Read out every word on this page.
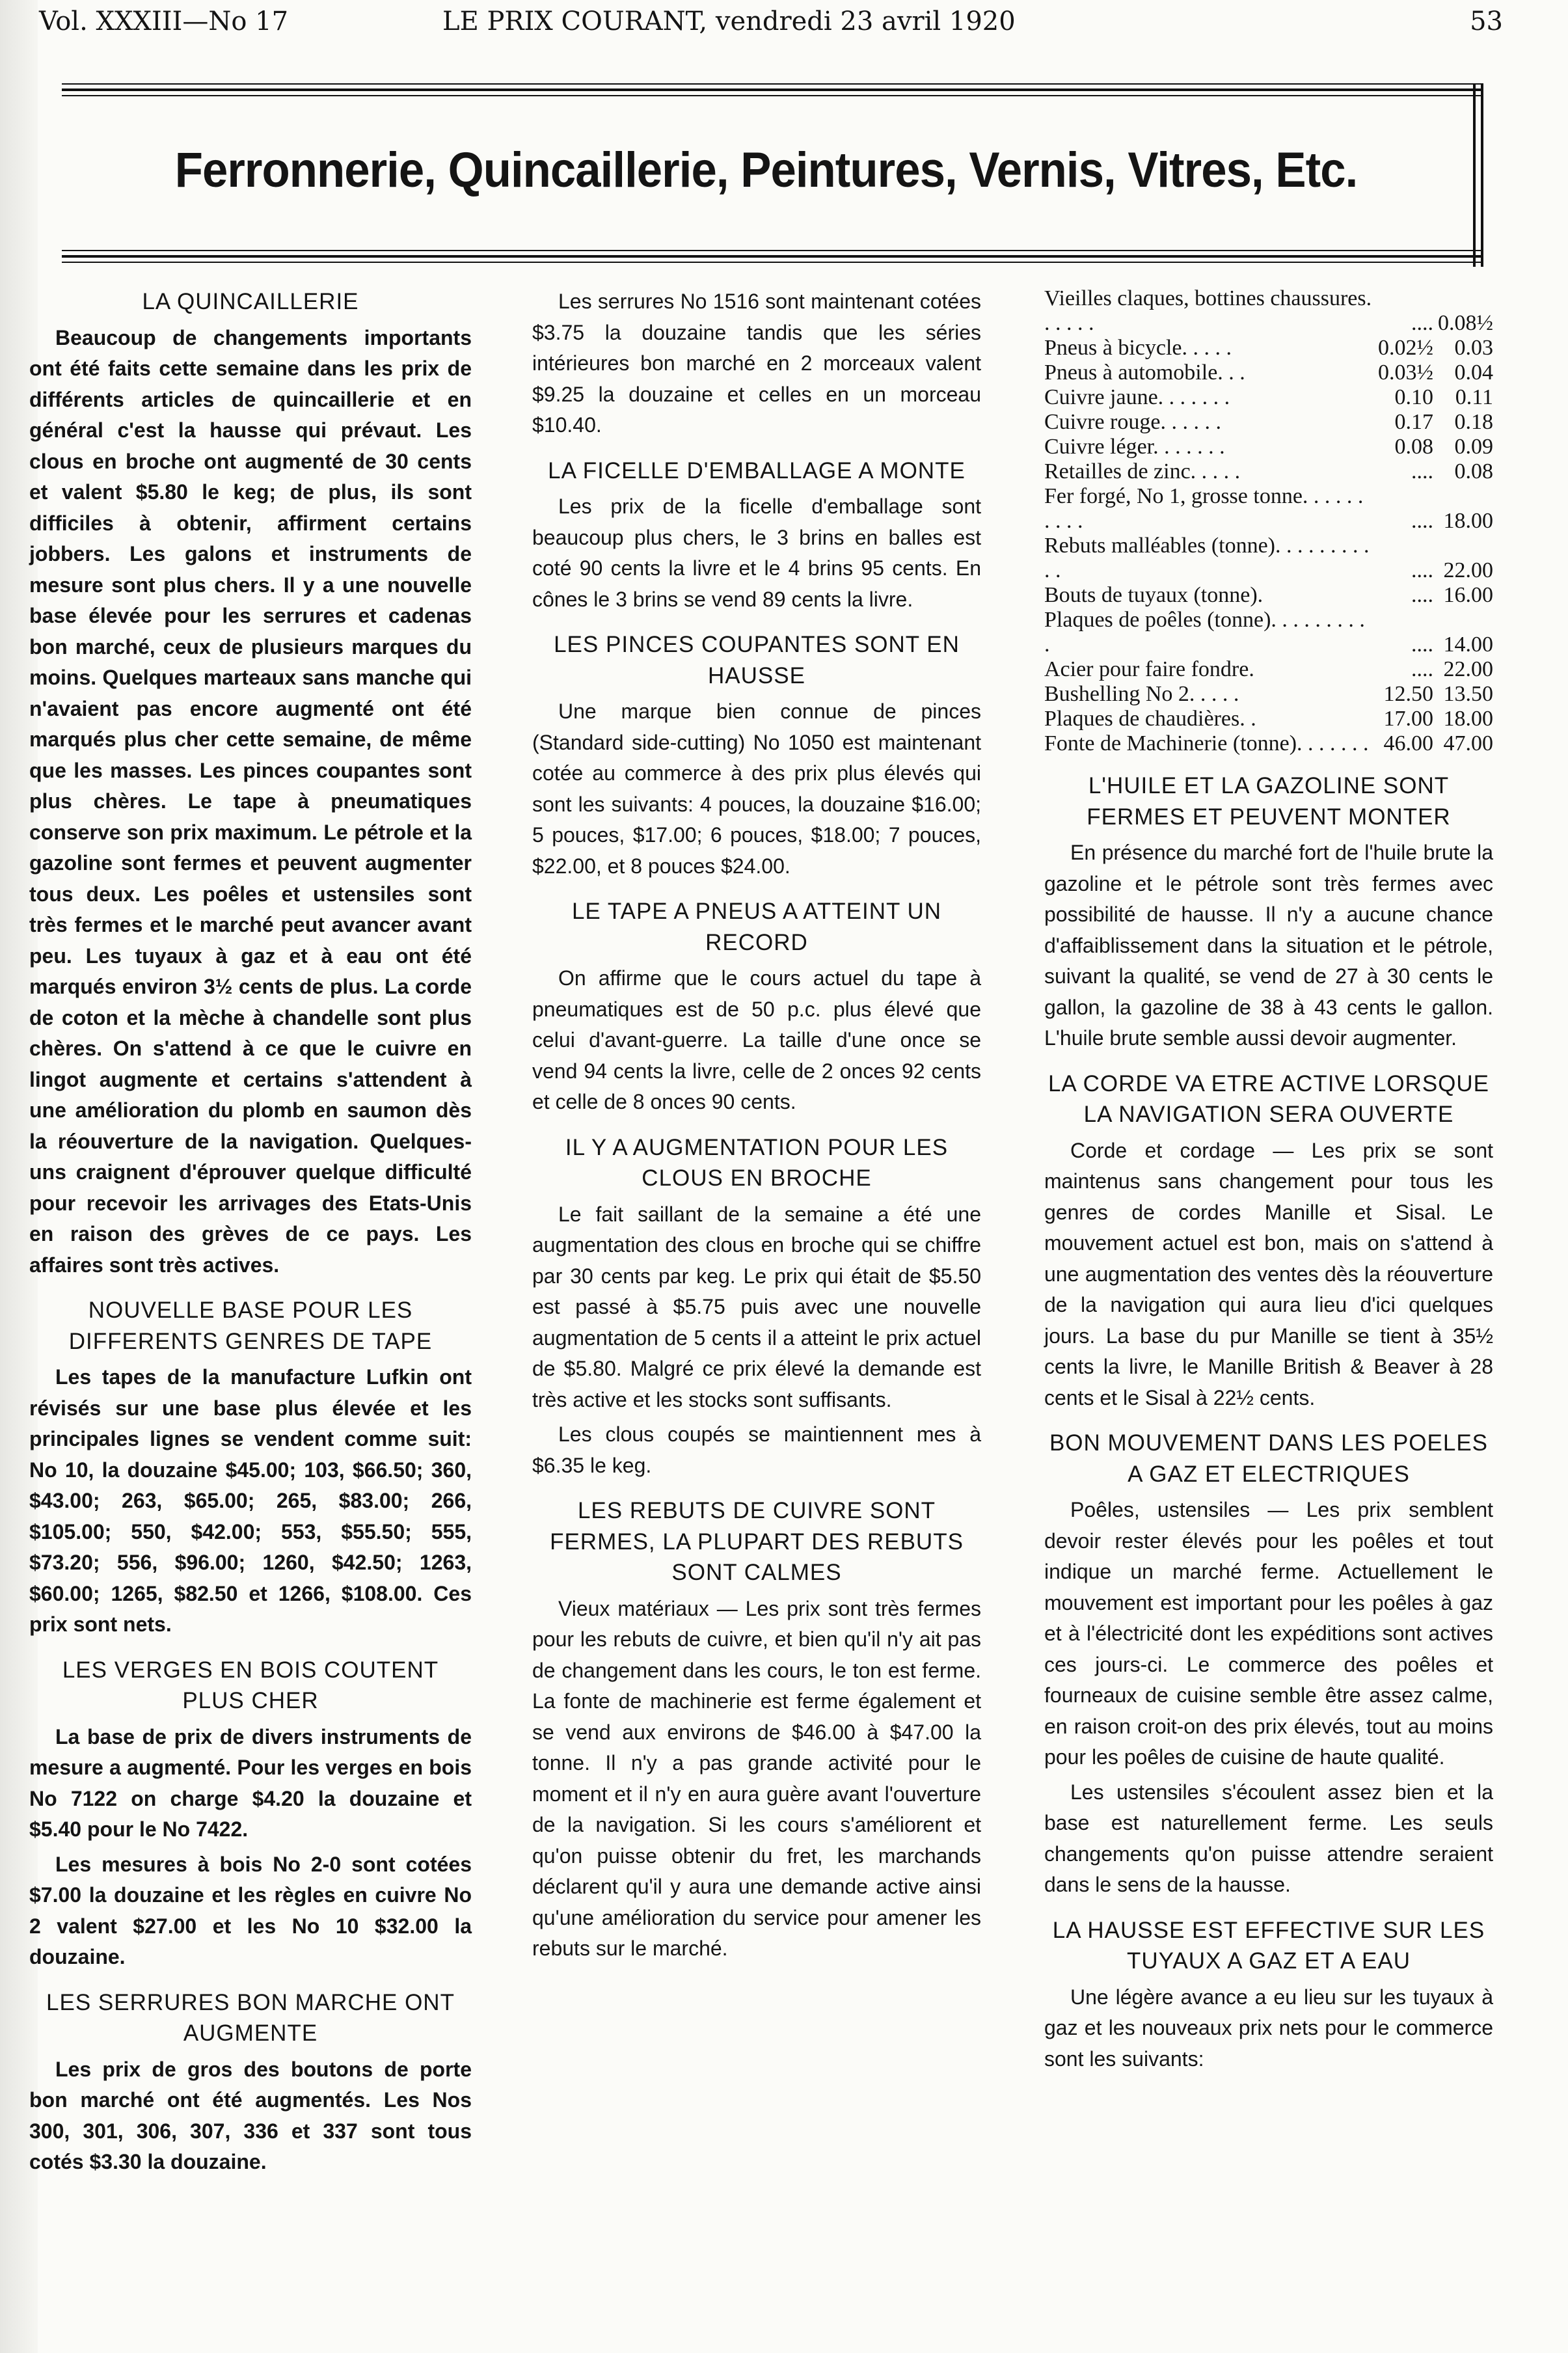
Vol. XXXIII—No 17	LE PRIX COURANT, vendredi 23 avril 1920	53
Ferronnerie, Quincaillerie, Peintures, Vernis, Vitres, Etc.
LA QUINCAILLERIE

Beaucoup de changements importants ont été faits cette semaine dans les prix de différents articles de quincaillerie et en général c'est la hausse qui prévaut. Les clous en broche ont augmenté de 30 cents et valent $5.80 le keg; de plus, ils sont difficiles à obtenir, affirment certains jobbers. Les galons et instruments de mesure sont plus chers. Il y a une nouvelle base élevée pour les serrures et cadenas bon marché, ceux de plusieurs marques du moins. Quelques marteaux sans manche qui n'avaient pas encore augmenté ont été marqués plus cher cette semaine, de même que les masses. Les pinces coupantes sont plus chères. Le tape à pneumatiques conserve son prix maximum. Le pétrole et la gazoline sont fermes et peuvent augmenter tous deux. Les poêles et ustensiles sont très fermes et le marché peut avancer avant peu. Les tuyaux à gaz et à eau ont été marqués environ 3½ cents de plus. La corde de coton et la mèche à chandelle sont plus chères. On s'attend à ce que le cuivre en lingot augmente et certains s'attendent à une amélioration du plomb en saumon dès la réouverture de la navigation. Quelques-uns craignent d'éprouver quelque difficulté pour recevoir les arrivages des Etats-Unis en raison des grèves de ce pays. Les affaires sont très actives.

NOUVELLE BASE POUR LES DIFFERENTS GENRES DE TAPE

Les tapes de la manufacture Lufkin ont révisés sur une base plus élevée et les principales lignes se vendent comme suit: No 10, la douzaine $45.00; 103, $66.50; 360, $43.00; 263, $65.00; 265, $83.00; 266, $105.00; 550, $42.00; 553, $55.50; 555, $73.20; 556, $96.00; 1260, $42.50; 1263, $60.00; 1265, $82.50 et 1266, $108.00. Ces prix sont nets.

LES VERGES EN BOIS COUTENT PLUS CHER

La base de prix de divers instruments de mesure a augmenté. Pour les verges en bois No 7122 on charge $4.20 la douzaine et $5.40 pour le No 7422.

Les mesures à bois No 2-0 sont cotées $7.00 la douzaine et les règles en cuivre No 2 valent $27.00 et les No 10 $32.00 la douzaine.

LES SERRURES BON MARCHE ONT AUGMENTE

Les prix de gros des boutons de porte bon marché ont été augmentés. Les Nos 300, 301, 306, 307, 336 et 337 sont tous cotés $3.30 la douzaine.

Les serrures No 1516 sont maintenant cotées $3.75 la douzaine tandis que les séries intérieures bon marché en 2 morceaux valent $9.25 la douzaine et celles en un morceau $10.40.

LA FICELLE D'EMBALLAGE A MONTE

Les prix de la ficelle d'emballage sont beaucoup plus chers, le 3 brins en balles est coté 90 cents la livre et le 4 brins 95 cents. En cônes le 3 brins se vend 89 cents la livre.

LES PINCES COUPANTES SONT EN HAUSSE

Une marque bien connue de pinces (Standard side-cutting) No 1050 est maintenant cotée au commerce à des prix plus élevés qui sont les suivants: 4 pouces, la douzaine $16.00; 5 pouces, $17.00; 6 pouces, $18.00; 7 pouces, $22.00, et 8 pouces $24.00.

LE TAPE A PNEUS A ATTEINT UN RECORD

On affirme que le cours actuel du tape à pneumatiques est de 50 p.c. plus élevé que celui d'avant-guerre. La taille d'une once se vend 94 cents la livre, celle de 2 onces 92 cents et celle de 8 onces 90 cents.

IL Y A AUGMENTATION POUR LES CLOUS EN BROCHE

Le fait saillant de la semaine a été une augmentation des clous en broche qui se chiffre par 30 cents par keg. Le prix qui était de $5.50 est passé à $5.75 puis avec une nouvelle augmentation de 5 cents il a atteint le prix actuel de $5.80. Malgré ce prix élevé la demande est très active et les stocks sont suffisants.

Les clous coupés se maintiennent mes à $6.35 le keg.

LES REBUTS DE CUIVRE SONT FERMES, LA PLUPART DES REBUTS SONT CALMES

Vieux matériaux — Les prix sont très fermes pour les rebuts de cuivre, et bien qu'il n'y ait pas de changement dans les cours, le ton est ferme. La fonte de machinerie est ferme également et se vend aux environs de $46.00 à $47.00 la tonne. Il n'y a pas grande activité pour le moment et il n'y en aura guère avant l'ouverture de la navigation. Si les cours s'améliorent et qu'on puisse obtenir du fret, les marchands déclarent qu'il y aura une demande active ainsi qu'une amélioration du service pour amener les rebuts sur le marché.

Vieilles claques, bottines chaussures. . . . . .	....	0.08½
Pneus à bicycle. . . . .	0.02½	0.03
Pneus à automobile. . .	0.03½	0.04
Cuivre jaune. . . . . . .	0.10	0.11
Cuivre rouge. . . . . .	0.17	0.18
Cuivre léger. . . . . . .	0.08	0.09
Retailles de zinc. . . . .	....	0.08
Fer forgé, No 1, grosse tonne. . . . . . . . . .	....	18.00
Rebuts malléables (tonne). . . . . . . . . . .	....	22.00
Bouts de tuyaux (tonne).	....	16.00
Plaques de poêles (tonne). . . . . . . . . .	....	14.00
Acier pour faire fondre.	....	22.00
Bushelling No 2. . . . .	12.50	13.50
Plaques de chaudières. .	17.00	18.00
Fonte de Machinerie (tonne). . . . . . .	46.00	47.00
L'HUILE ET LA GAZOLINE SONT FERMES ET PEUVENT MONTER

En présence du marché fort de l'huile brute la gazoline et le pétrole sont très fermes avec possibilité de hausse. Il n'y a aucune chance d'affaiblissement dans la situation et le pétrole, suivant la qualité, se vend de 27 à 30 cents le gallon, la gazoline de 38 à 43 cents le gallon. L'huile brute semble aussi devoir augmenter.

LA CORDE VA ETRE ACTIVE LORSQUE LA NAVIGATION SERA OUVERTE

Corde et cordage — Les prix se sont maintenus sans changement pour tous les genres de cordes Manille et Sisal. Le mouvement actuel est bon, mais on s'attend à une augmentation des ventes dès la réouverture de la navigation qui aura lieu d'ici quelques jours. La base du pur Manille se tient à 35½ cents la livre, le Manille British & Beaver à 28 cents et le Sisal à 22½ cents.

BON MOUVEMENT DANS LES POELES A GAZ ET ELECTRIQUES

Poêles, ustensiles — Les prix semblent devoir rester élevés pour les poêles et tout indique un marché ferme. Actuellement le mouvement est important pour les poêles à gaz et à l'électricité dont les expéditions sont actives ces jours-ci. Le commerce des poêles et fourneaux de cuisine semble être assez calme, en raison croit-on des prix élevés, tout au moins pour les poêles de cuisine de haute qualité.

Les ustensiles s'écoulent assez bien et la base est naturellement ferme. Les seuls changements qu'on puisse attendre seraient dans le sens de la hausse.

LA HAUSSE EST EFFECTIVE SUR LES TUYAUX A GAZ ET A EAU

Une légère avance a eu lieu sur les tuyaux à gaz et les nouveaux prix nets pour le commerce sont les suivants:
